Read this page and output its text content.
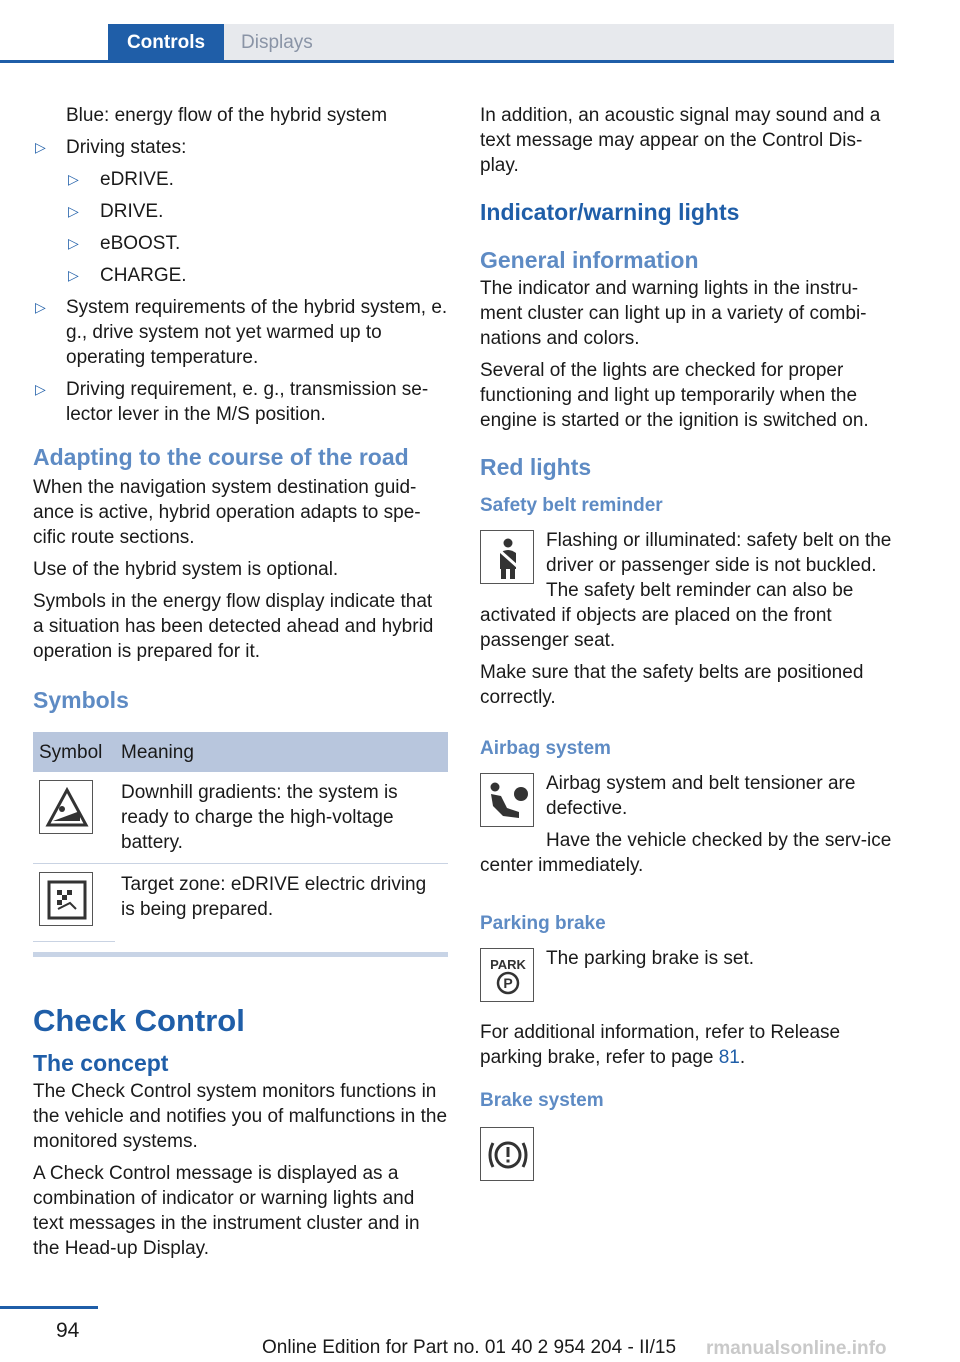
Controls	Displays

Blue: energy flow of the hybrid system

▷ Driving states:
▷ eDRIVE.
▷ DRIVE.
▷ eBOOST.
▷ CHARGE.
▷ System requirements of the hybrid system, e. g., drive system not yet warmed up to operating temperature.
▷ Driving requirement, e. g., transmission se-lector lever in the M/S position.
Adapting to the course of the road

When the navigation system destination guid-ance is active, hybrid operation adapts to spe-cific route sections.

Use of the hybrid system is optional.

Symbols in the energy flow display indicate that a situation has been detected ahead and hybrid operation is prepared for it.

Symbols
Symbol	Meaning

	Downhill gradients: the system is ready to charge the high-voltage battery.

	Target zone: eDRIVE electric driving is being prepared.
Check Control
The concept

The Check Control system monitors functions in the vehicle and notifies you of malfunctions in the monitored systems.

A Check Control message is displayed as a combination of indicator or warning lights and text messages in the instrument cluster and in the Head-up Display.

In addition, an acoustic signal may sound and a text message may appear on the Control Dis-play.

Indicator/warning lights
General information

The indicator and warning lights in the instru-ment cluster can light up in a variety of combi-nations and colors.

Several of the lights are checked for proper functioning and light up temporarily when the engine is started or the ignition is switched on.

Red lights
Safety belt reminder

Flashing or illuminated: safety belt on the driver or passenger side is not buckled. The safety belt reminder can also be activated if objects are placed on the front passenger seat.

Make sure that the safety belts are positioned correctly.

Airbag system

Airbag system and belt tensioner are defective.

Have the vehicle checked by the serv-ice center immediately.

Parking brake
PARK
P

The parking brake is set.

For additional information, refer to Release parking brake, refer to page 81.

Brake system
94
Online Edition for Part no. 01 40 2 954 204 - II/15 rmanualsonline.info
